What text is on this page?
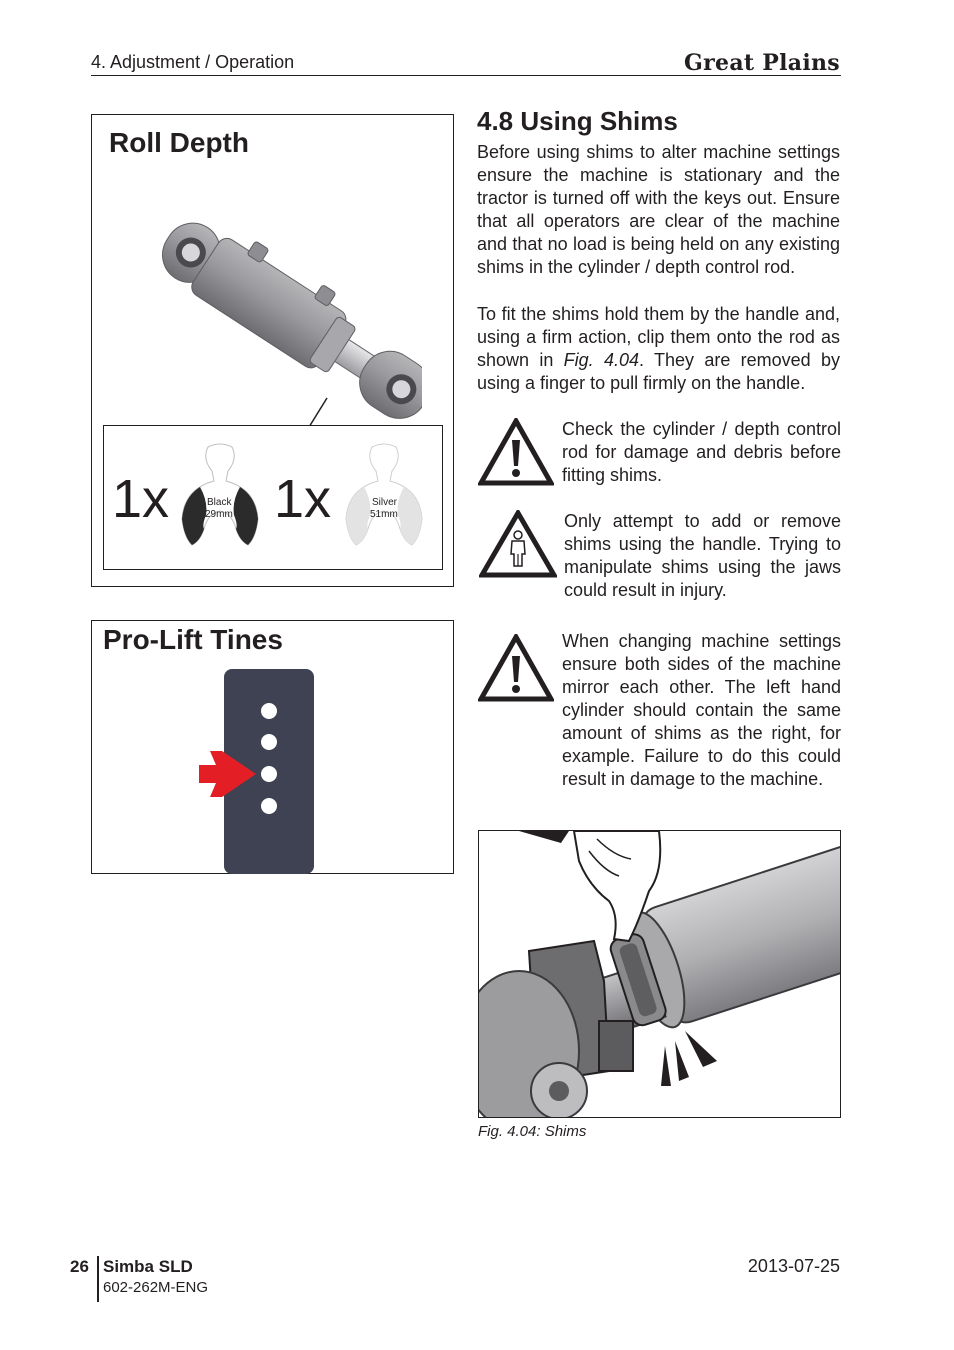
4. Adjustment / Operation	Great Plains
Roll Depth
1x	Black
29mm 1x	Silver
51mm
Pro-Lift Tines
4.8 Using Shims
Before using shims to alter machine settings ensure the machine is stationary and the tractor is turned off with the keys out. Ensure that all operators are clear of the machine and that no load is being held on any existing shims in the cylinder / depth control rod.
To fit the shims hold them by the handle and, using a firm action, clip them onto the rod as shown in Fig. 4.04. They are removed by using a finger to pull firmly on the handle.
Check the cylinder / depth control rod for damage and debris before fitting shims.
Only attempt to add or remove shims using the handle. Trying to manipulate shims using the jaws could result in injury.
When changing machine settings ensure both sides of the machine mirror each other. The left hand cylinder should contain the same amount of shims as the right, for example. Failure to do this could result in damage to the machine.
Fig. 4.04: Shims
26 Simba SLD
602-262M-ENG
2013-07-25
